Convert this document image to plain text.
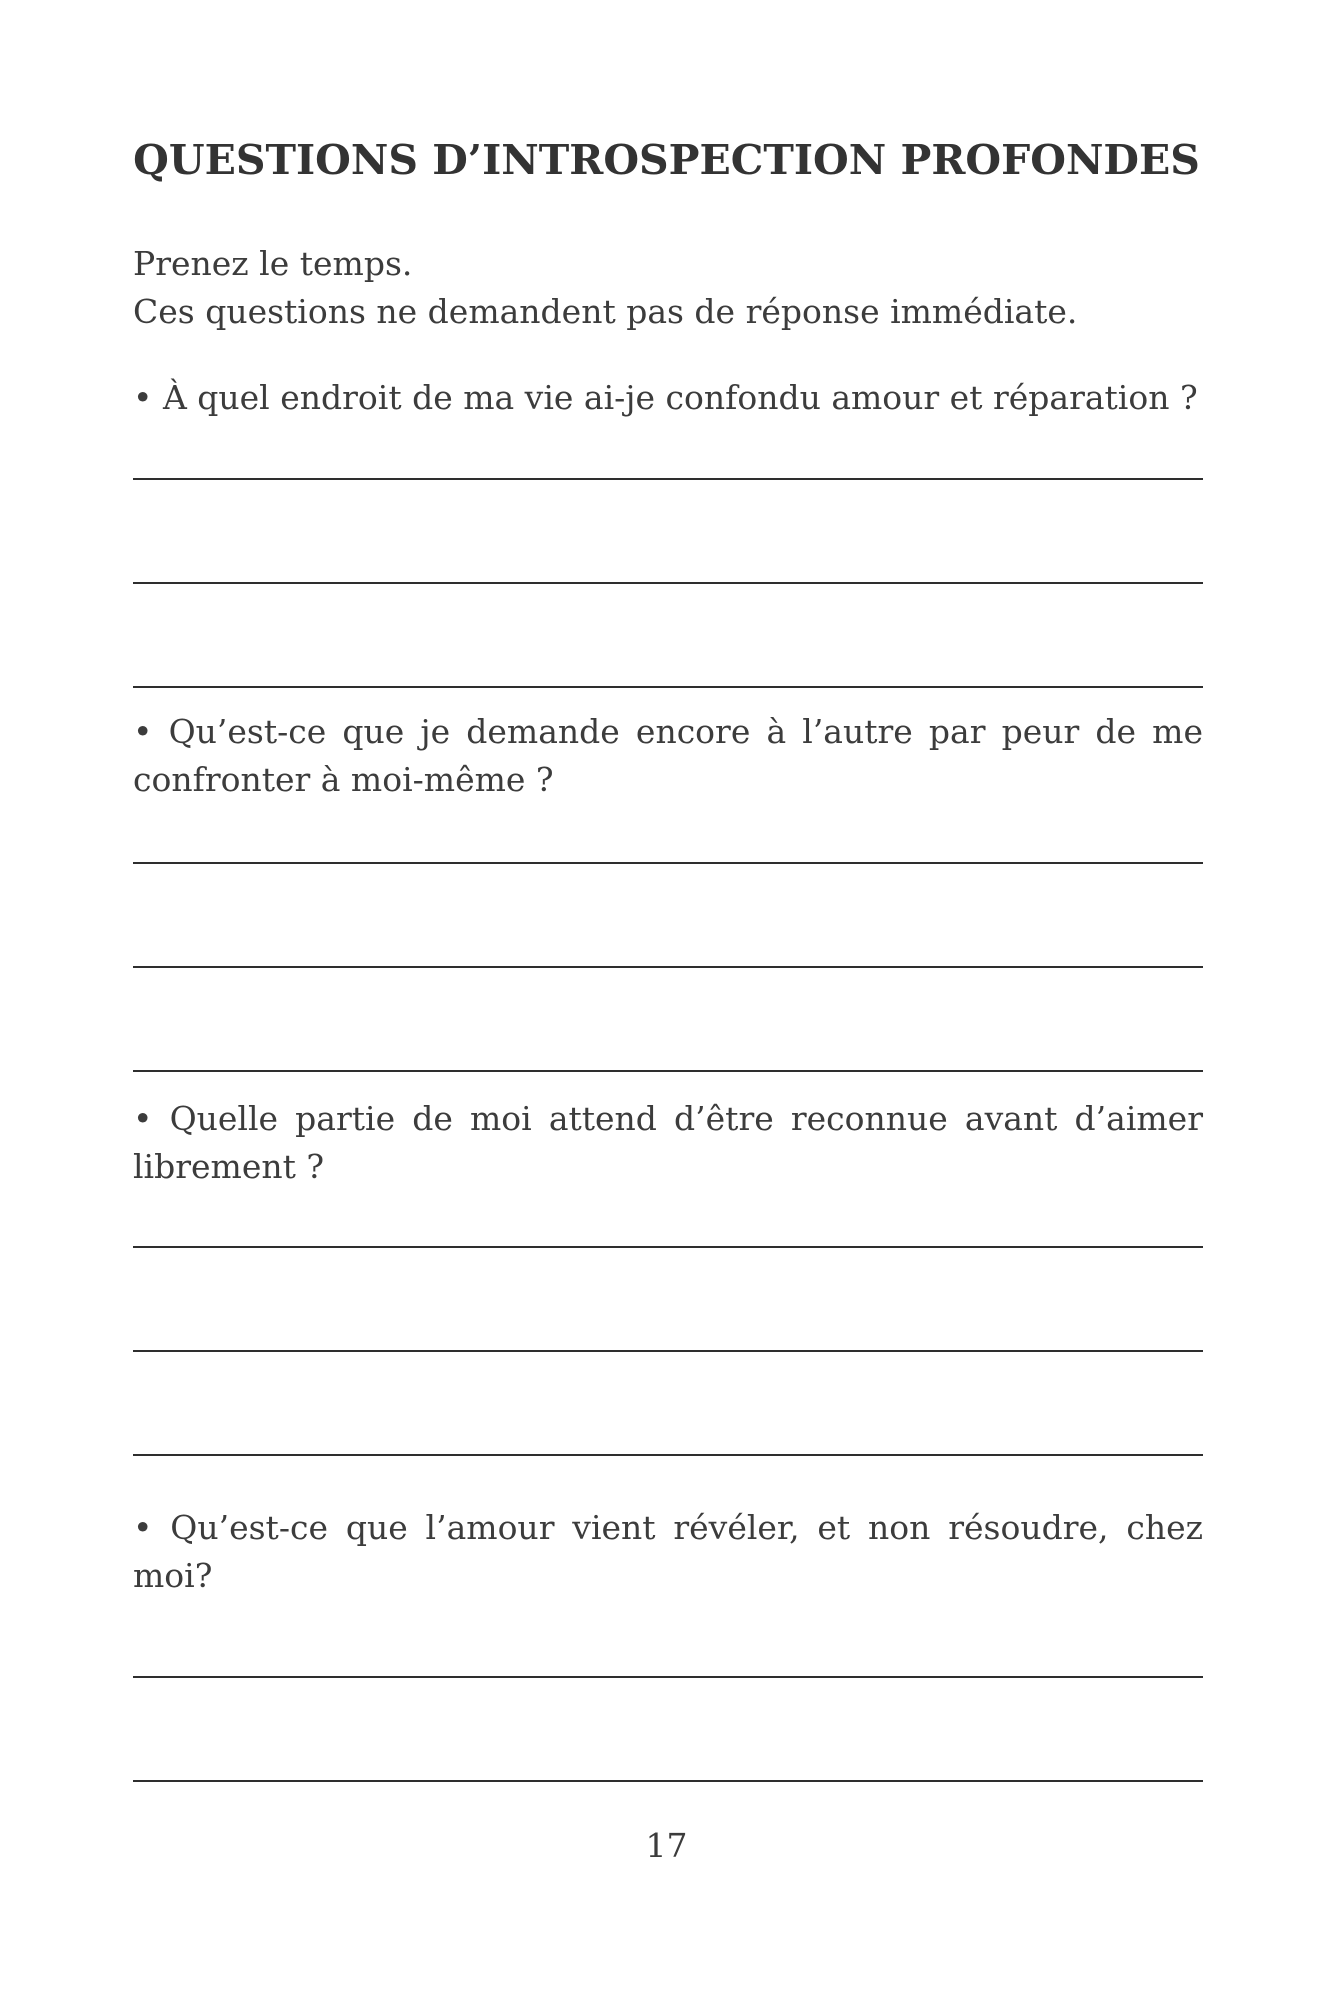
QUESTIONS D’INTROSPECTION PROFONDES

Prenez le temps.

Ces questions ne demandent pas de réponse immédiate.

• À quel endroit de ma vie ai-je confondu amour et réparation ?

• Qu’est-ce que je demande encore à l’autre par peur de me confronter à moi-même ?

• Quelle partie de moi attend d’être reconnue avant d’aimer librement ?

• Qu’est-ce que l’amour vient révéler, et non résoudre, chez moi?

17
